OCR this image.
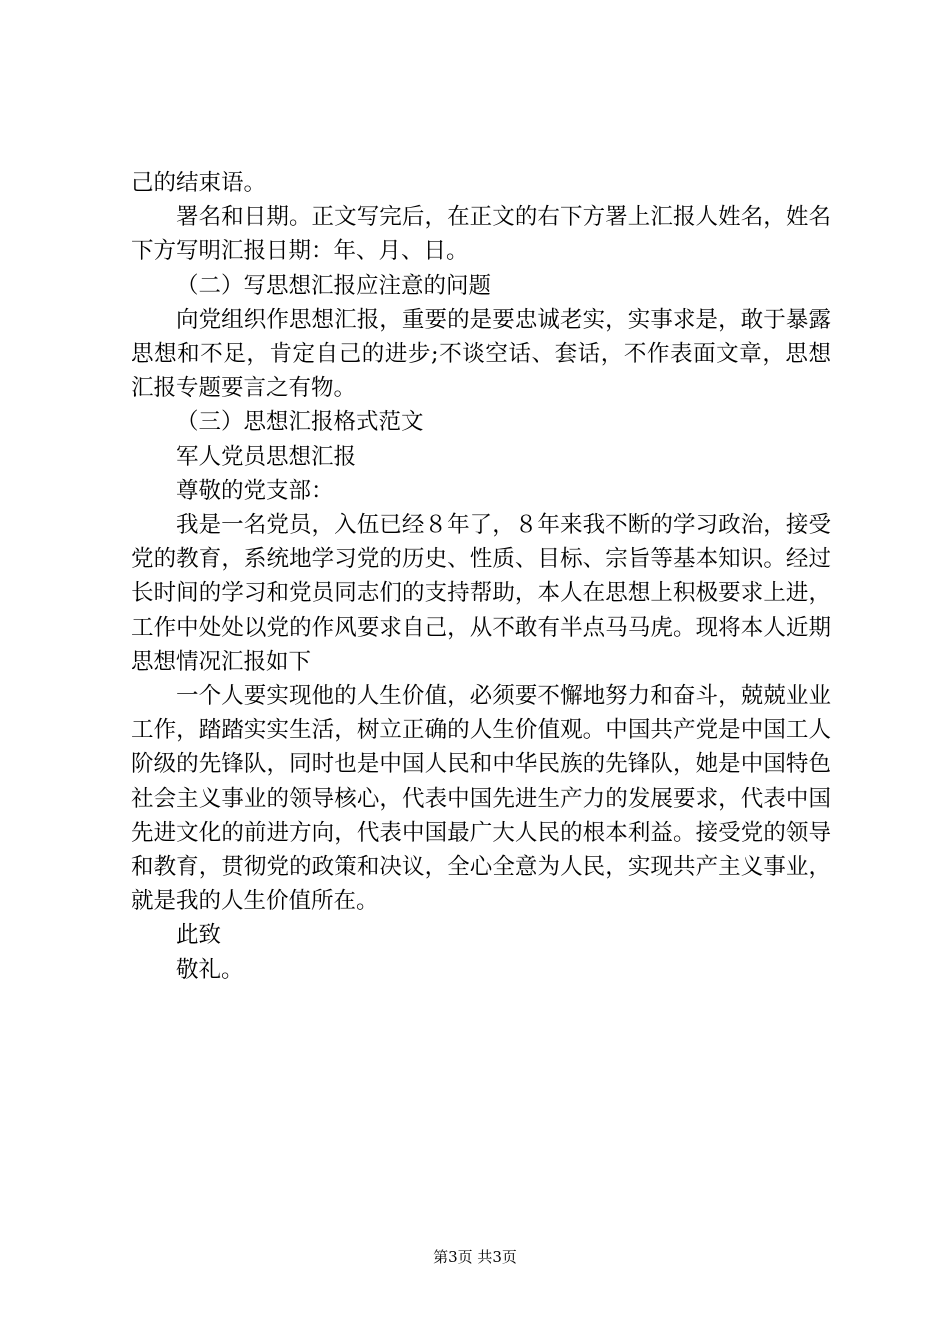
己的结束语。

署名和日期。正文写完后，在正文的右下方署上汇报人姓名，姓名下方写明汇报日期：年、月、日。

（二）写思想汇报应注意的问题

向党组织作思想汇报，重要的是要忠诚老实，实事求是，敢于暴露思想和不足，肯定自己的进步;不谈空话、套话，不作表面文章，思想汇报专题要言之有物。

（三）思想汇报格式范文

军人党员思想汇报

尊敬的党支部：

我是一名党员，入伍已经８年了，８年来我不断的学习政治，接受党的教育，系统地学习党的历史、性质、目标、宗旨等基本知识。经过长时间的学习和党员同志们的支持帮助，本人在思想上积极要求上进，工作中处处以党的作风要求自己，从不敢有半点马马虎。现将本人近期思想情况汇报如下

一个人要实现他的人生价值，必须要不懈地努力和奋斗，兢兢业业工作，踏踏实实生活，树立正确的人生价值观。中国共产党是中国工人阶级的先锋队，同时也是中国人民和中华民族的先锋队，她是中国特色社会主义事业的领导核心，代表中国先进生产力的发展要求，代表中国先进文化的前进方向，代表中国最广大人民的根本利益。接受党的领导和教育，贯彻党的政策和决议，全心全意为人民，实现共产主义事业，就是我的人生价值所在。

此致

敬礼。

第3页 共3页
